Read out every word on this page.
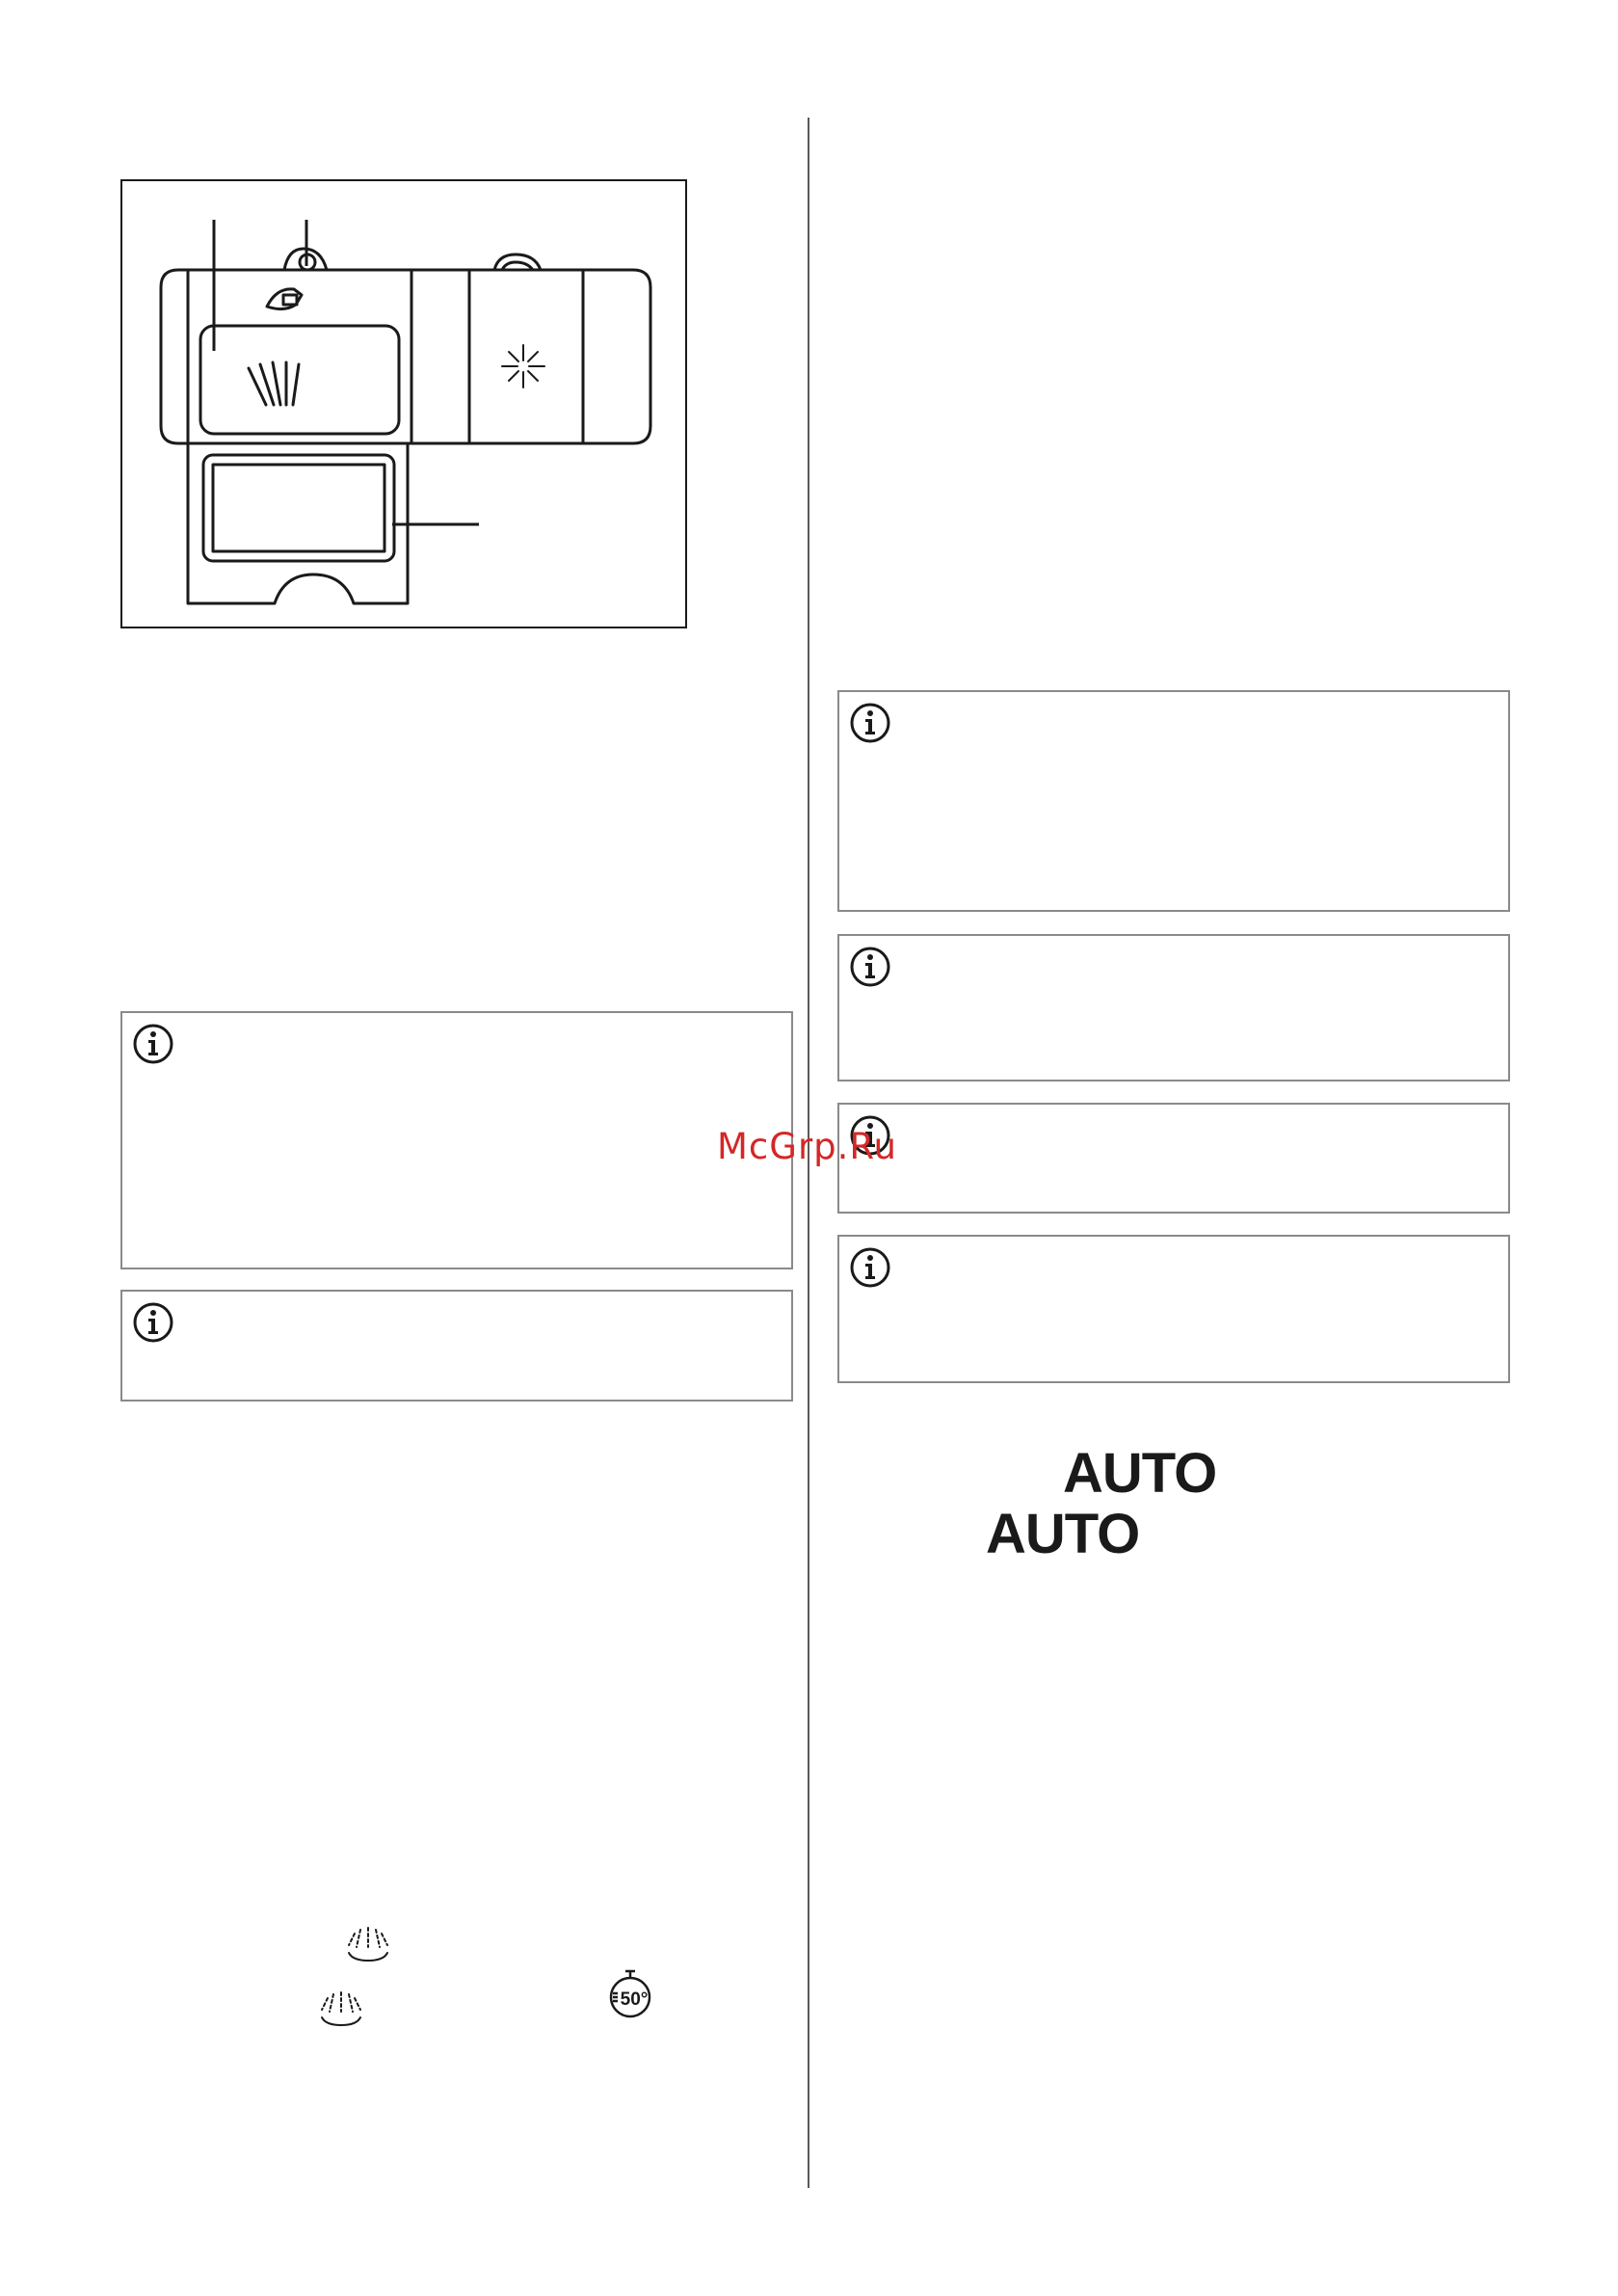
McGrp.Ru
AUTO
AUTO
50°
